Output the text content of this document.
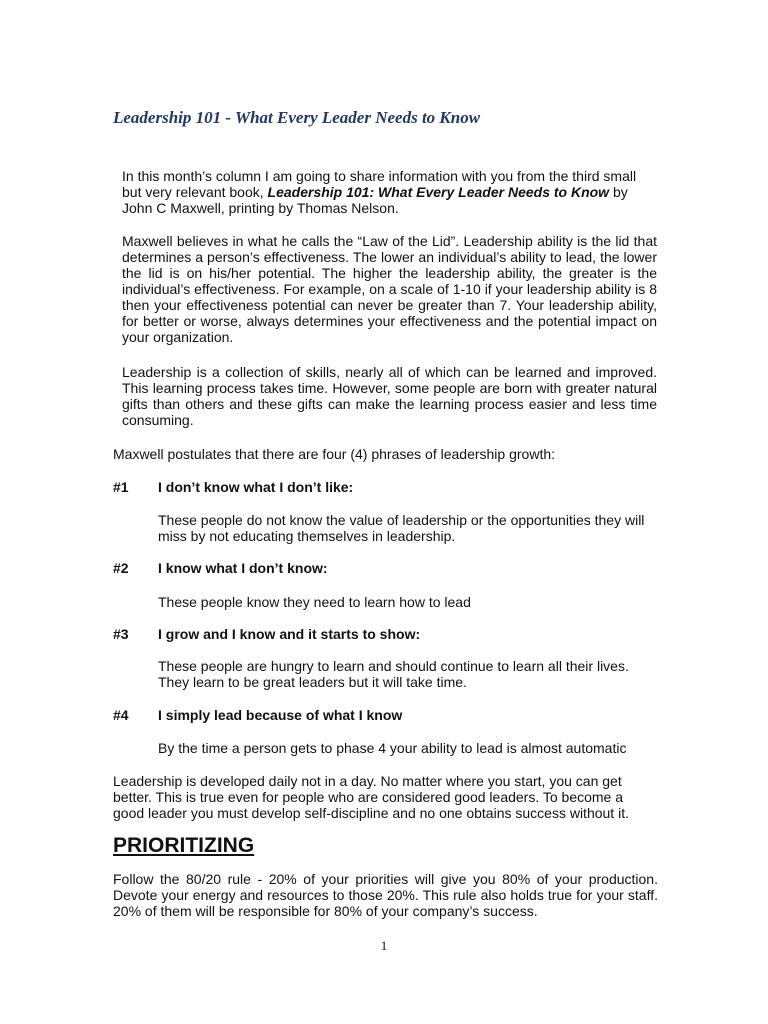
Leadership 101 - What Every Leader Needs to Know

In this month’s column I am going to share information with you from the third small but very relevant book, Leadership 101: What Every Leader Needs to Know by John C Maxwell, printing by Thomas Nelson.

Maxwell believes in what he calls the “Law of the Lid”. Leadership ability is the lid that determines a person’s effectiveness. The lower an individual’s ability to lead, the lower the lid is on his/her potential. The higher the leadership ability, the greater is the individual’s effectiveness. For example, on a scale of 1-10 if your leadership ability is 8 then your effectiveness potential can never be greater than 7. Your leadership ability, for better or worse, always determines your effectiveness and the potential impact on your organization.

Leadership is a collection of skills, nearly all of which can be learned and improved. This learning process takes time. However, some people are born with greater natural gifts than others and these gifts can make the learning process easier and less time consuming.

Maxwell postulates that there are four (4) phrases of leadership growth:

#1 I don’t know what I don’t like:

These people do not know the value of leadership or the opportunities they will miss by not educating themselves in leadership.

#2 I know what I don’t know:

These people know they need to learn how to lead

#3 I grow and I know and it starts to show:

These people are hungry to learn and should continue to learn all their lives. They learn to be great leaders but it will take time.

#4 I simply lead because of what I know

By the time a person gets to phase 4 your ability to lead is almost automatic

Leadership is developed daily not in a day. No matter where you start, you can get better. This is true even for people who are considered good leaders. To become a good leader you must develop self-discipline and no one obtains success without it.

PRIORITIZING

Follow the 80/20 rule - 20% of your priorities will give you 80% of your production. Devote your energy and resources to those 20%. This rule also holds true for your staff. 20% of them will be responsible for 80% of your company’s success.

1
